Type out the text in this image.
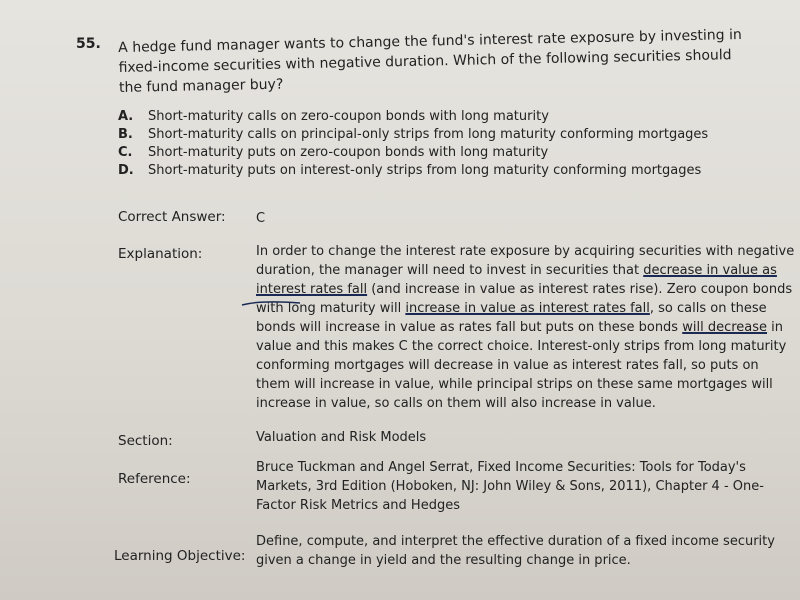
55. A hedge fund manager wants to change the fund's interest rate exposure by investing in fixed-income securities with negative duration. Which of the following securities should the fund manager buy?
A.	Short-maturity calls on zero-coupon bonds with long maturity
B.	Short-maturity calls on principal-only strips from long maturity conforming mortgages
C.	Short-maturity puts on zero-coupon bonds with long maturity
D.	Short-maturity puts on interest-only strips from long maturity conforming mortgages
Correct Answer: C
Explanation:	In order to change the interest rate exposure by acquiring securities with negative duration, the manager will need to invest in securities that decrease in value as interest rates fall (and increase in value as interest rates rise). Zero coupon bonds with long maturity will increase in value as interest rates fall, so calls on these bonds will increase in value as rates fall but puts on these bonds will decrease in value and this makes C the correct choice. Interest-only strips from long maturity conforming mortgages will decrease in value as interest rates fall, so puts on them will increase in value, while principal strips on these same mortgages will increase in value, so calls on them will also increase in value.
Section:	Valuation and Risk Models
Reference:
Bruce Tuckman and Angel Serrat, Fixed Income Securities: Tools for Today's Markets, 3rd Edition (Hoboken, NJ: John Wiley & Sons, 2011), Chapter 4 - One-Factor Risk Metrics and Hedges
Learning Objective:
Define, compute, and interpret the effective duration of a fixed income security given a change in yield and the resulting change in price.
